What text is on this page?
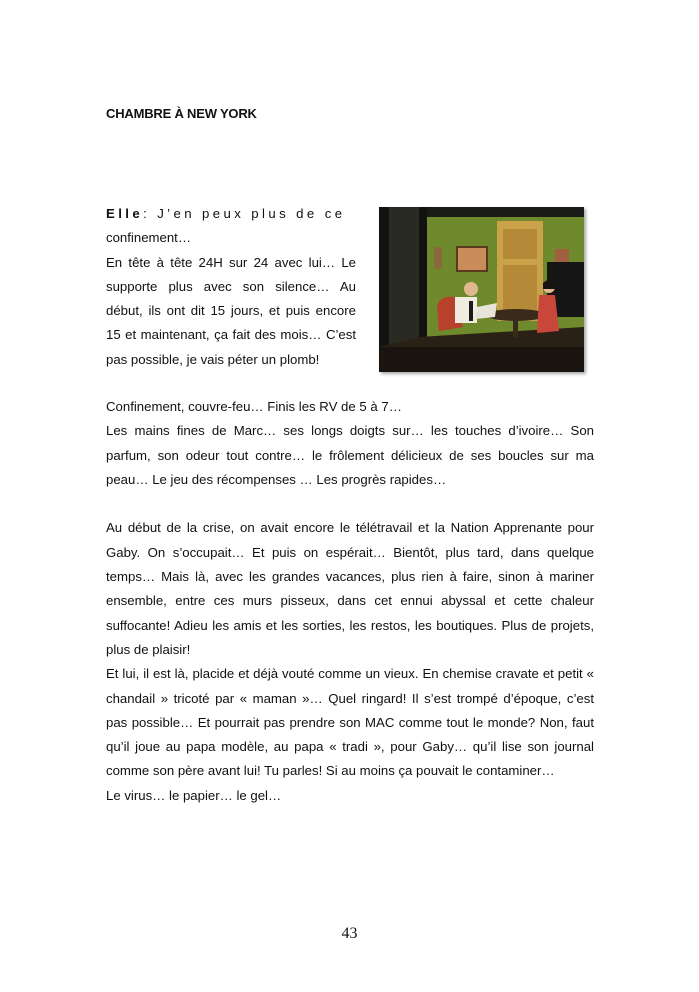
CHAMBRE À NEW YORK

Elle: J’en peux plus de ce

confinement…

En tête à tête 24H sur 24 avec lui… Le supporte plus avec son silence… Au début, ils ont dit 15 jours, et puis encore 15 et maintenant, ça fait des mois… C’est pas possible, je vais péter un plomb!

Confinement, couvre-feu… Finis les RV de 5 à 7…

Les mains fines de Marc… ses longs doigts sur… les touches d’ivoire… Son parfum, son odeur tout contre… le frôlement délicieux de ses boucles sur ma peau… Le jeu des récompenses … Les progrès rapides…

Au début de la crise, on avait encore le télétravail et la Nation Apprenante pour Gaby. On s’occupait… Et puis on espérait… Bientôt, plus tard, dans quelque temps… Mais là, avec les grandes vacances, plus rien à faire, sinon à mariner ensemble, entre ces murs pisseux, dans cet ennui abyssal et cette chaleur suffocante! Adieu les amis et les sorties, les restos, les boutiques. Plus de projets, plus de plaisir!

Et lui, il est là, placide et déjà vouté comme un vieux. En chemise cravate et petit « chandail » tricoté par « maman »… Quel ringard! Il s’est trompé d’époque, c’est pas possible… Et pourrait pas prendre son MAC comme tout le monde? Non, faut qu’il joue au papa modèle, au papa « tradi », pour Gaby… qu’il lise son journal comme son père avant lui! Tu parles! Si au moins ça pouvait le contaminer…

Le virus… le papier… le gel…

43
